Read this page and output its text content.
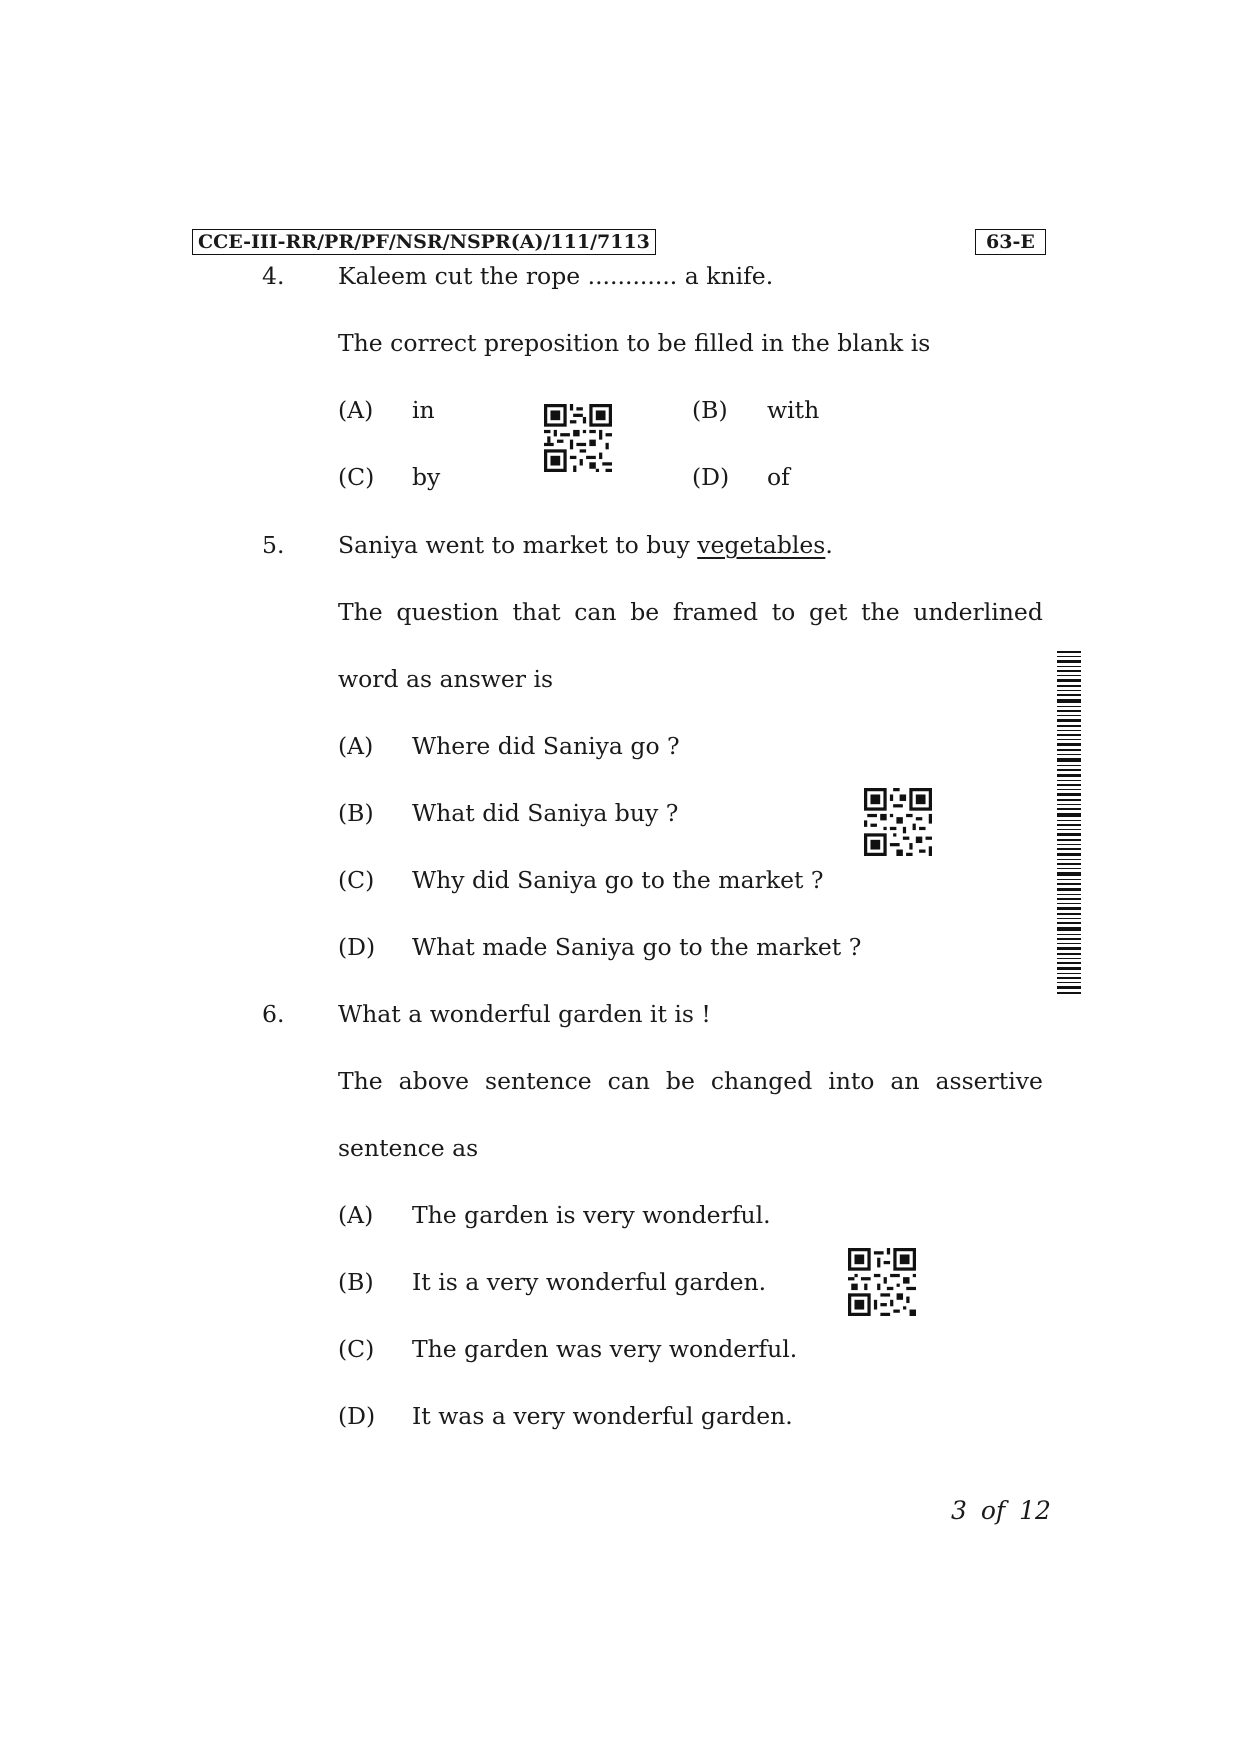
CCE-III-RR/PR/PF/NSR/NSPR(A)/111/7113	63-E
4. Kaleem cut the rope ............ a knife.
The correct preposition to be filled in the blank is
(A) in	(B) with
(C) by	(D) of
5. Saniya went to market to buy vegetables.
The question that can be framed to get the underlined
word as answer is
(A) Where did Saniya go ?
(B) What did Saniya buy ?
(C) Why did Saniya go to the market ?
(D) What made Saniya go to the market ?
6. What a wonderful garden it is !
The above sentence can be changed into an assertive
sentence as
(A) The garden is very wonderful.
(B) It is a very wonderful garden.
(C) The garden was very wonderful.
(D) It was a very wonderful garden.
3 of 12
